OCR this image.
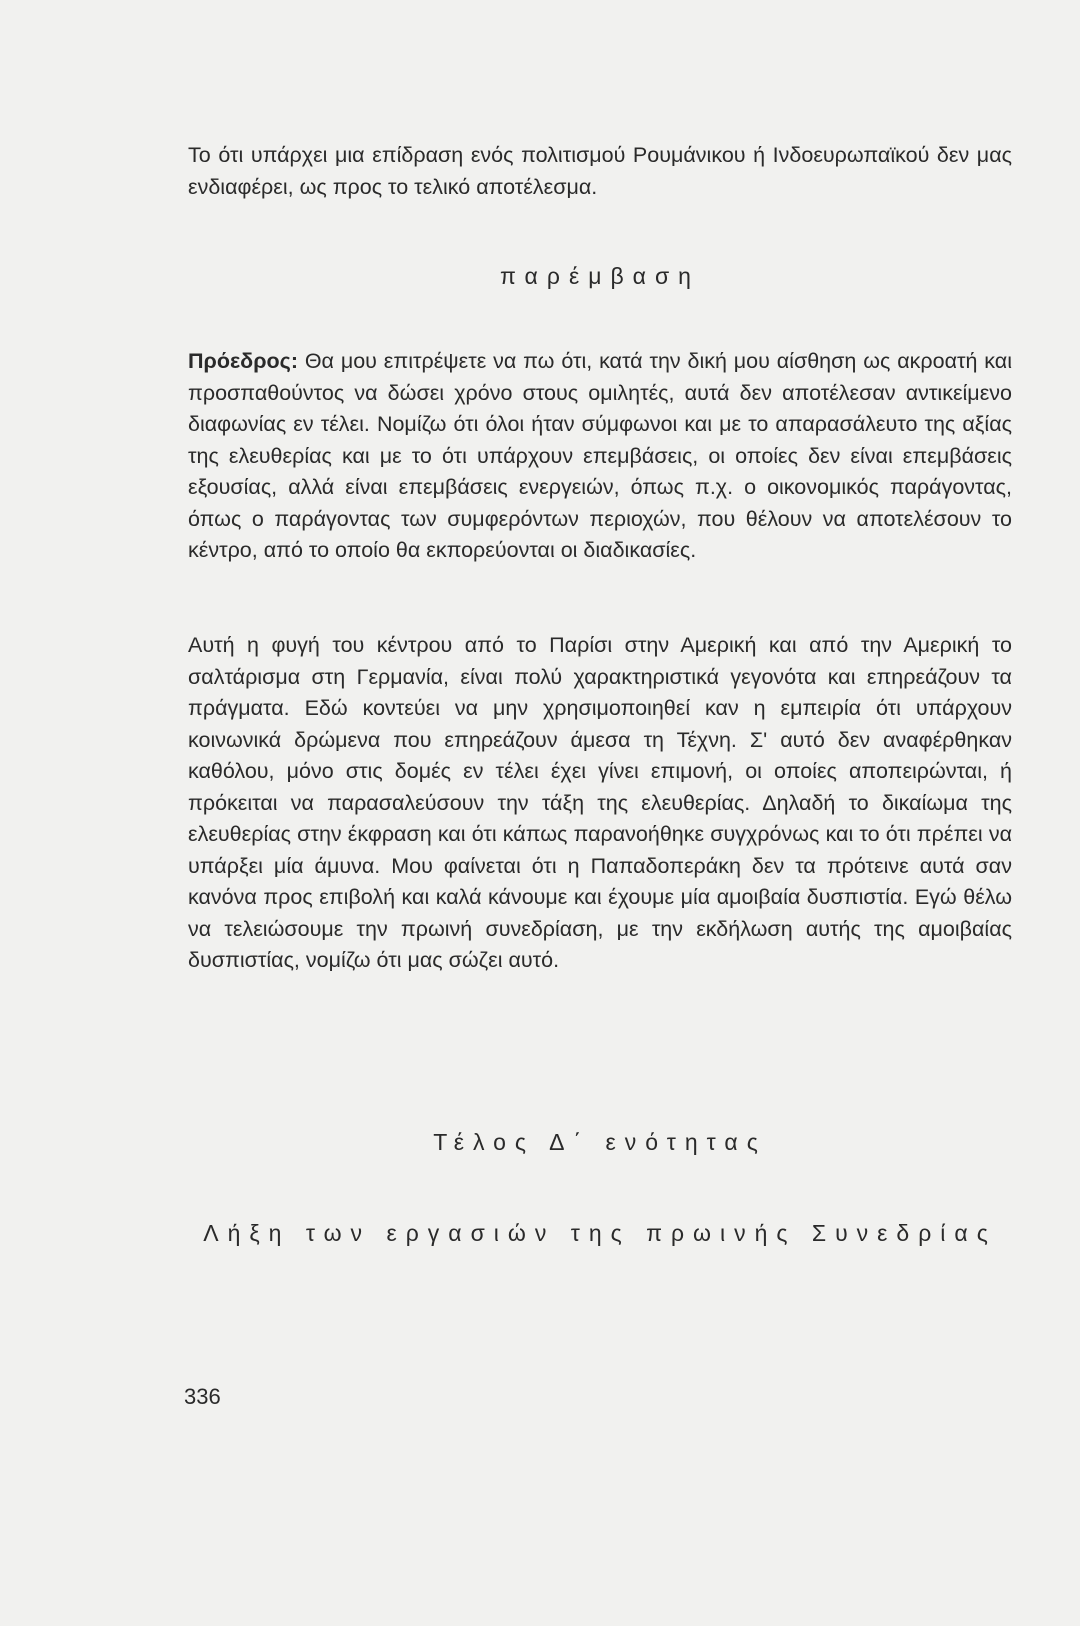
Το ότι υπάρχει μια επίδραση ενός πολιτισμού Ρουμάνικου ή Ινδοευρωπαϊκού δεν μας ενδιαφέρει, ως προς το τελικό αποτέλεσμα.

παρέμβαση

Πρόεδρος: Θα μου επιτρέψετε να πω ότι, κατά την δική μου αίσθηση ως ακροατή και προσπαθούντος να δώσει χρόνο στους ομιλητές, αυτά δεν αποτέλεσαν αντικείμενο διαφωνίας εν τέλει. Νομίζω ότι όλοι ήταν σύμφωνοι και με το απαρασάλευτο της αξίας της ελευθερίας και με το ότι υπάρχουν επεμβάσεις, οι οποίες δεν είναι επεμβάσεις εξουσίας, αλλά είναι επεμβάσεις ενεργειών, όπως π.χ. ο οικονομικός παράγοντας, όπως ο παράγοντας των συμφερόντων περιοχών, που θέλουν να αποτελέσουν το κέντρο, από το οποίο θα εκπορεύονται οι διαδικασίες.

Αυτή η φυγή του κέντρου από το Παρίσι στην Αμερική και από την Αμερική το σαλτάρισμα στη Γερμανία, είναι πολύ χαρακτηριστικά γεγονότα και επηρεάζουν τα πράγματα. Εδώ κοντεύει να μην χρησιμοποιηθεί καν η εμπειρία ότι υπάρχουν κοινωνικά δρώμενα που επηρεάζουν άμεσα τη Τέχνη. Σ' αυτό δεν αναφέρθηκαν καθόλου, μόνο στις δομές εν τέλει έχει γίνει επιμονή, οι οποίες αποπειρώνται, ή πρόκειται να παρασαλεύσουν την τάξη της ελευθερίας. Δηλαδή το δικαίωμα της ελευθερίας στην έκφραση και ότι κάπως παρανοήθηκε συγχρόνως και το ότι πρέπει να υπάρξει μία άμυνα. Μου φαίνεται ότι η Παπαδοπεράκη δεν τα πρότεινε αυτά σαν κανόνα προς επιβολή και καλά κάνουμε και έχουμε μία αμοιβαία δυσπιστία. Εγώ θέλω να τελειώσουμε την πρωινή συνεδρίαση, με την εκδήλωση αυτής της αμοιβαίας δυσπιστίας, νομίζω ότι μας σώζει αυτό.

Τέλος Δ΄ ενότητας
Λήξη των εργασιών της πρωινής Συνεδρίας
336
